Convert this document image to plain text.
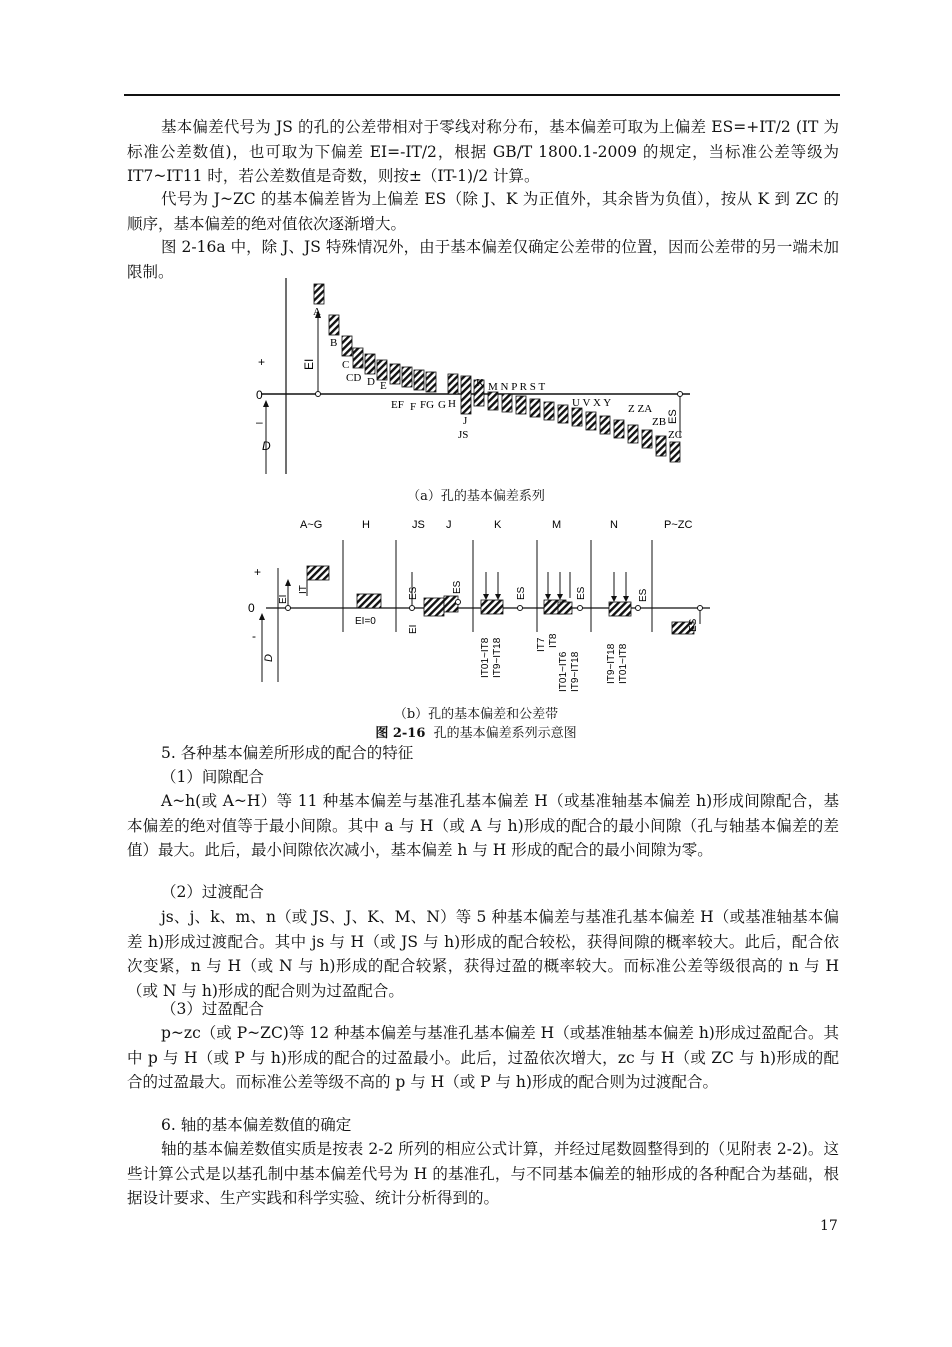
基本偏差代号为 JS 的孔的公差带相对于零线对称分布，基本偏差可取为上偏差 ES=+IT/2 (IT 为标准公差数值)，也可取为下偏差 EI=-IT/2，根据 GB/T 1800.1-2009 的规定，当标准公差等级为 IT7~IT11 时，若公差数值是奇数，则按±（IT-1)/2 计算。

代号为 J~ZC 的基本偏差皆为上偏差 ES（除 J、K 为正值外，其余皆为负值），按从 K 到 ZC 的顺序，基本偏差的绝对值依次逐渐增大。

图 2-16a 中，除 J、JS 特殊情况外，由于基本偏差仅确定公差带的位置，因而公差带的另一端未加限制。

+
0
–
D
EI
ES
A
B
C
CD D E
EF F FG G H
J
JS
K M N P R S T
U V X Y Z ZA
ZB
ZC

（a）孔的基本偏差系列

A~G	H	JS J	K	M	N	P~ZC
+
0
-
D
EI
IT
EI=0
ES
EI
ES	ES
IT01~IT8 IT9~IT18
ES
IT7 IT8
IT01~IT6 IT9~IT18
ES
IT9~IT18 IT01~IT8
ES

（b）孔的基本偏差和公差带

图 2-16 孔的基本偏差系列示意图

5. 各种基本偏差所形成的配合的特征

（1）间隙配合

A~h(或 A~H）等 11 种基本偏差与基准孔基本偏差 H（或基准轴基本偏差 h)形成间隙配合，基本偏差的绝对值等于最小间隙。其中 a 与 H（或 A 与 h)形成的配合的最小间隙（孔与轴基本偏差的差值）最大。此后，最小间隙依次减小，基本偏差 h 与 H 形成的配合的最小间隙为零。

（2）过渡配合

js、j、k、m、n（或 JS、J、K、M、N）等 5 种基本偏差与基准孔基本偏差 H（或基准轴基本偏差 h)形成过渡配合。其中 js 与 H（或 JS 与 h)形成的配合较松，获得间隙的概率较大。此后，配合依次变紧，n 与 H（或 N 与 h)形成的配合较紧，获得过盈的概率较大。而标准公差等级很高的 n 与 H（或 N 与 h)形成的配合则为过盈配合。

（3）过盈配合

p~zc（或 P~ZC)等 12 种基本偏差与基准孔基本偏差 H（或基准轴基本偏差 h)形成过盈配合。其中 p 与 H（或 P 与 h)形成的配合的过盈最小。此后，过盈依次增大，zc 与 H（或 ZC 与 h)形成的配合的过盈最大。而标准公差等级不高的 p 与 H（或 P 与 h)形成的配合则为过渡配合。

6. 轴的基本偏差数值的确定

轴的基本偏差数值实质是按表 2-2 所列的相应公式计算，并经过尾数圆整得到的（见附表 2-2)。这些计算公式是以基孔制中基本偏差代号为 H 的基准孔，与不同基本偏差的轴形成的各种配合为基础，根据设计要求、生产实践和科学实验、统计分析得到的。

17
